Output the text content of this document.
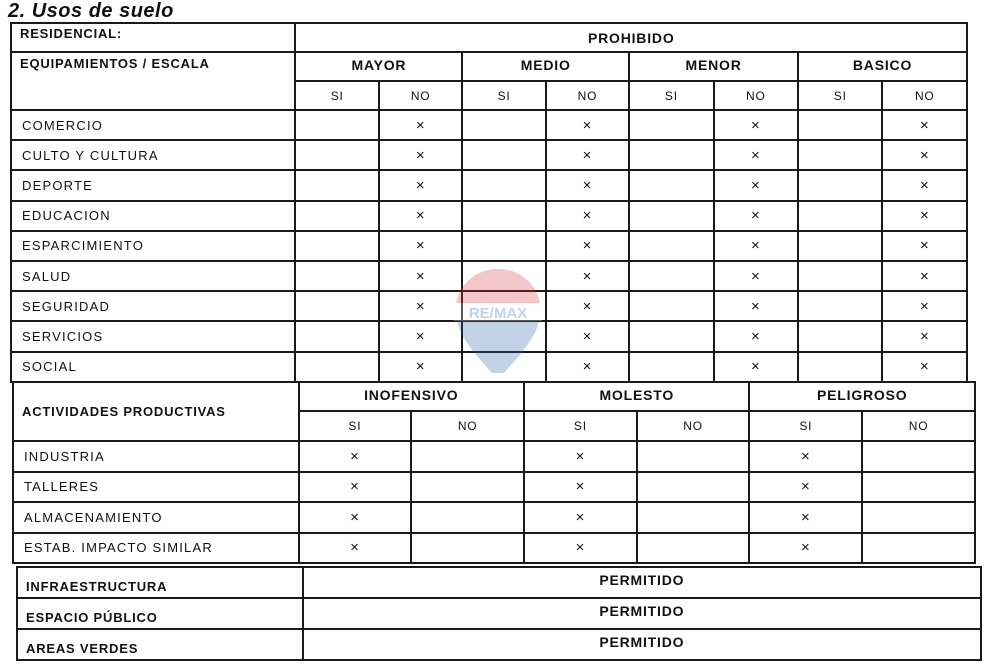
2. Usos de suelo
RESIDENCIAL:	PROHIBIDO							
EQUIPAMIENTOS / ESCALA	MAYOR		MEDIO		MENOR		BASICO	
	SI	NO	SI	NO	SI	NO	SI	NO
COMERCIO		×		×		×		×
CULTO Y CULTURA		×		×		×		×
DEPORTE		×		×		×		×
EDUCACION		×		×		×		×
ESPARCIMIENTO		×		×		×		×
SALUD		×		×		×		×
SEGURIDAD		×		×		×		×
SERVICIOS		×		×		×		×
SOCIAL		×		×		×		×
ACTIVIDADES PRODUCTIVAS	INOFENSIVO		MOLESTO		PELIGROSO	
	SI	NO	SI	NO	SI	NO
INDUSTRIA	×		×		×	
TALLERES	×		×		×	
ALMACENAMIENTO	×		×		×	
ESTAB. IMPACTO SIMILAR	×		×		×	
INFRAESTRUCTURA	PERMITIDO
ESPACIO PÚBLICO	PERMITIDO
AREAS VERDES	PERMITIDO
RE/MAX
